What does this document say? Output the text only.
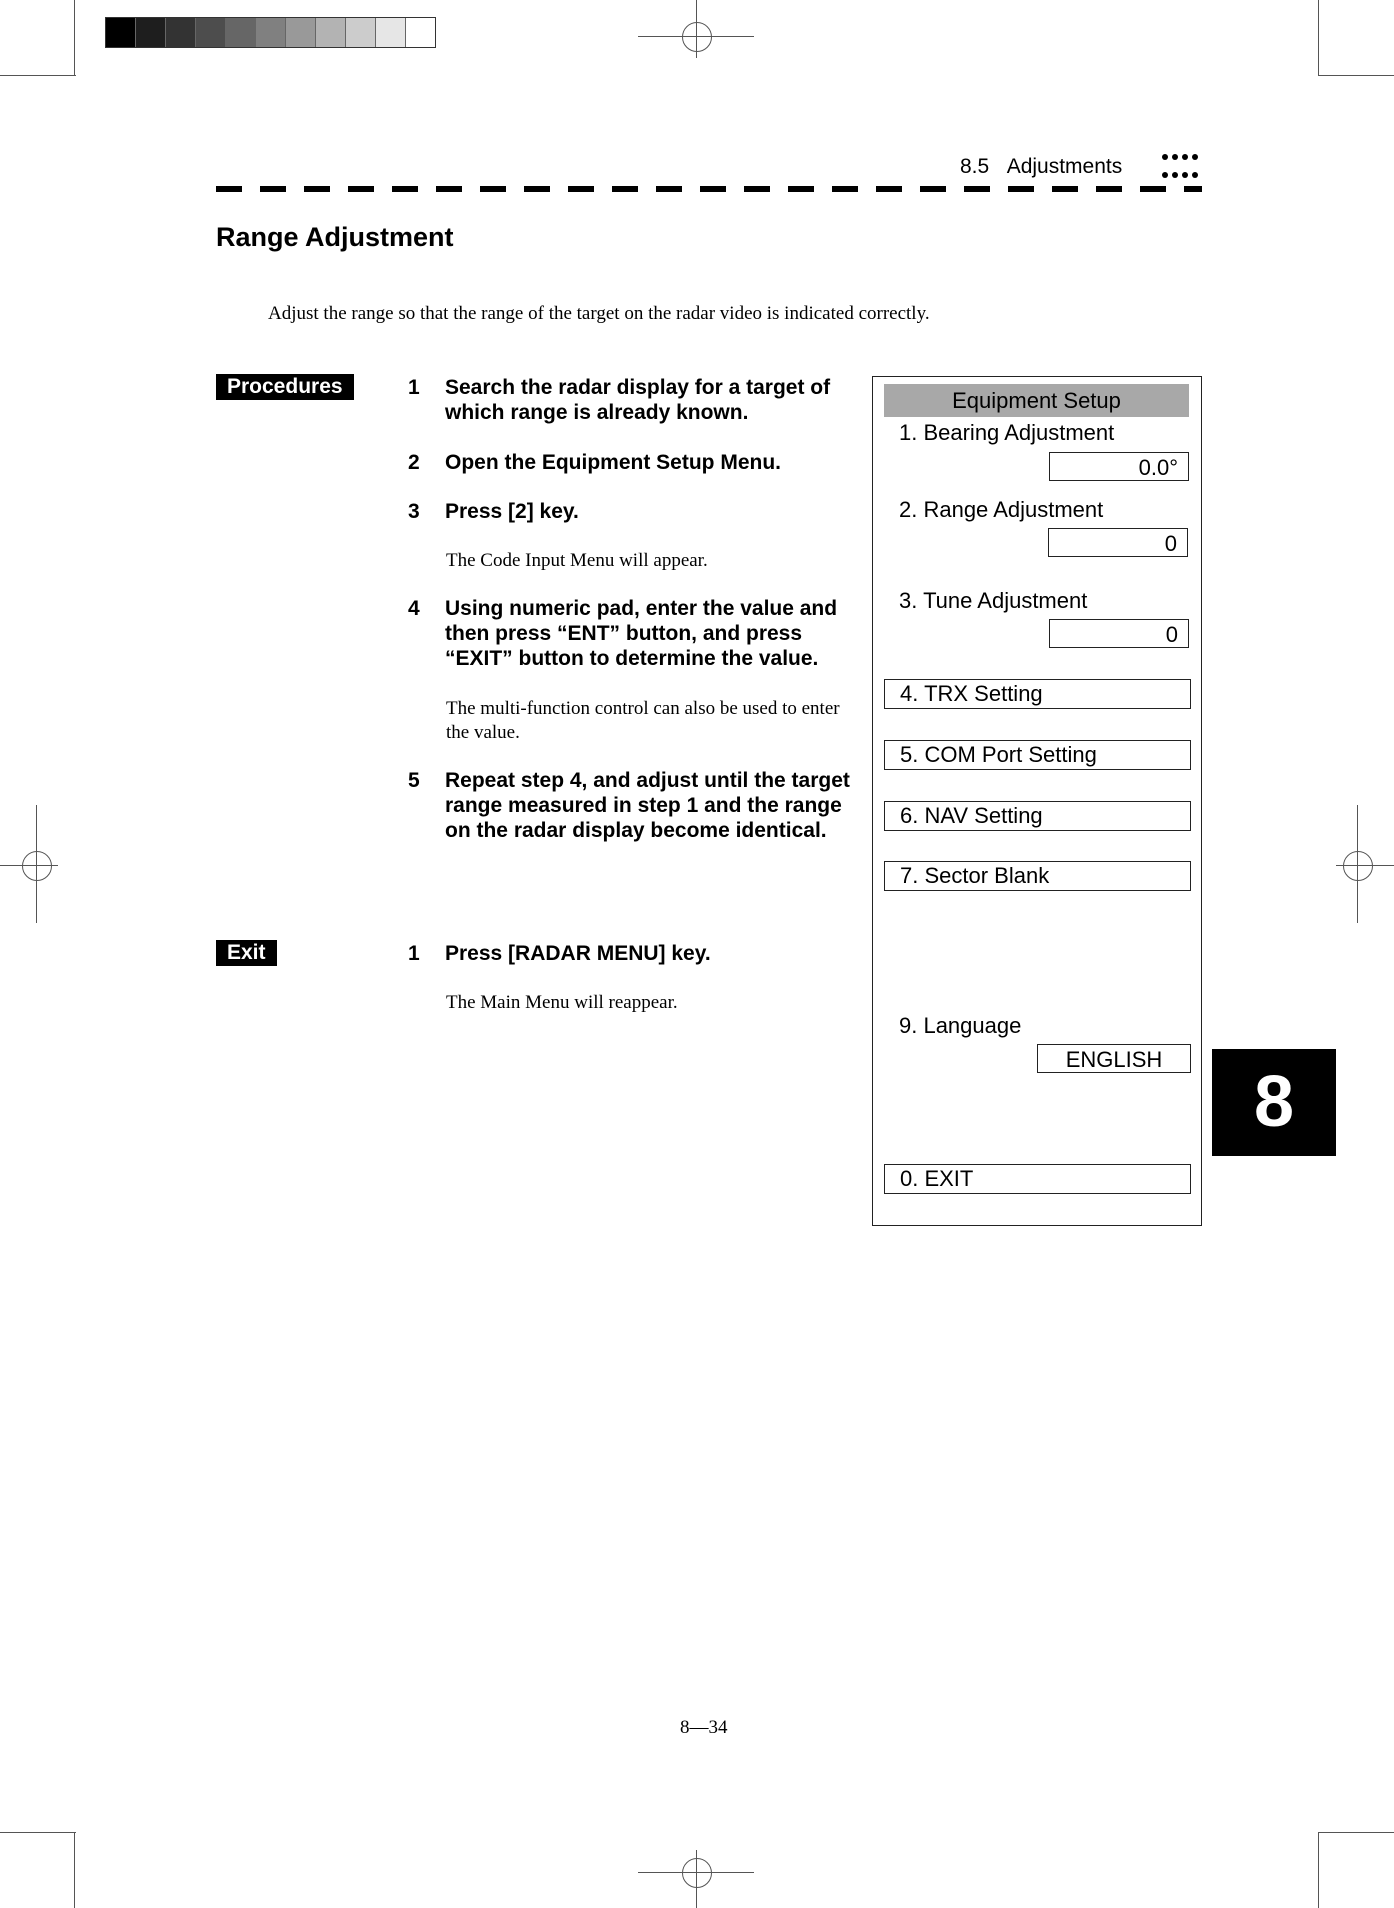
8.5   Adjustments

Range Adjustment
Adjust the range so that the range of the target on the radar video is indicated correctly.
Procedures	1 Search the radar display for a target of which range is already known.
2 Open the Equipment Setup Menu.
3 Press [2] key.
The Code Input Menu will appear.
4 Using numeric pad, enter the value and then press “ENT” button, and press “EXIT” button to determine the value.
The multi-function control can also be used to enter the value.
5 Repeat step 4, and adjust until the target range measured in step 1 and the range on the radar display become identical.
Exit	1 Press [RADAR MENU] key.
The Main Menu will reappear.
Equipment Setup
1. Bearing Adjustment
0.0°
2. Range Adjustment
0
3. Tune Adjustment
0
4. TRX Setting
5. COM Port Setting
6. NAV Setting
7. Sector Blank
9. Language
ENGLISH
0. EXIT
8
8—34
